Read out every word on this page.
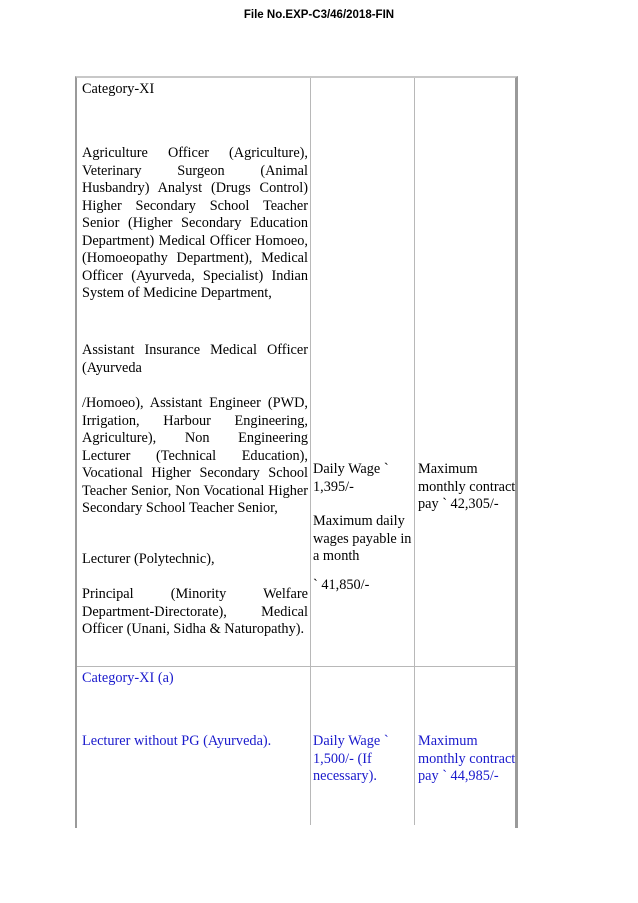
File No.EXP-C3/46/2018-FIN
Category-XI
Agriculture Officer (Agriculture), Veterinary Surgeon (Animal Husbandry) Analyst (Drugs Control) Higher Secondary School Teacher Senior (Higher Secondary Education Department) Medical Officer Homoeo, (Homoeopathy Department), Medical Officer (Ayurveda, Specialist) Indian System of Medicine Department,
Assistant Insurance Medical Officer (Ayurveda
/Homoeo), Assistant Engineer (PWD, Irrigation, Harbour Engineering, Agriculture), Non Engineering Lecturer (Technical Education), Vocational Higher Secondary School Teacher Senior, Non Vocational Higher Secondary School Teacher Senior,
Lecturer (Polytechnic),
Principal (Minority Welfare Department-Directorate), Medical Officer (Unani, Sidha & Naturopathy).
Daily Wage ` 1,395/-
Maximum daily wages payable in a month
` 41,850/-
Maximum monthly contract pay ` 42,305/-
Category-XI (a)
Lecturer without PG (Ayurveda).	Daily Wage ` 1,500/- (If necessary).
Maximum monthly contract pay ` 44,985/-
